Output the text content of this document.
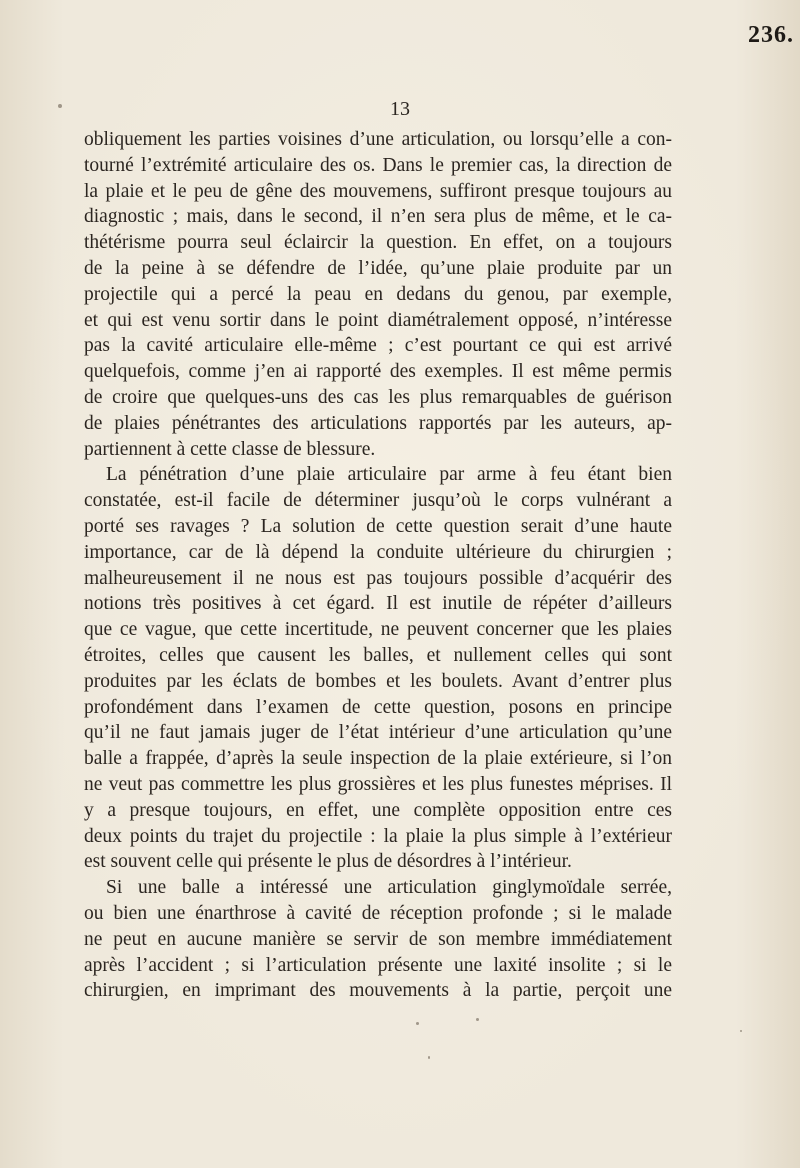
236.
13
obliquement les parties voisines d’une articulation, ou lorsqu’elle a con-
tourné l’extrémité articulaire des os. Dans le premier cas, la direction de
la plaie et le peu de gêne des mouvemens, suffiront presque toujours au
diagnostic ; mais, dans le second, il n’en sera plus de même, et le ca-
thétérisme pourra seul éclaircir la question. En effet, on a toujours
de la peine à se défendre de l’idée, qu’une plaie produite par un
projectile qui a percé la peau en dedans du genou, par exemple,
et qui est venu sortir dans le point diamétralement opposé, n’intéresse
pas la cavité articulaire elle-même ; c’est pourtant ce qui est arrivé
quelquefois, comme j’en ai rapporté des exemples. Il est même permis
de croire que quelques-uns des cas les plus remarquables de guérison
de plaies pénétrantes des articulations rapportés par les auteurs, ap-
partiennent à cette classe de blessure.
La pénétration d’une plaie articulaire par arme à feu étant bien
constatée, est-il facile de déterminer jusqu’où le corps vulnérant a
porté ses ravages ? La solution de cette question serait d’une haute
importance, car de là dépend la conduite ultérieure du chirurgien ;
malheureusement il ne nous est pas toujours possible d’acquérir des
notions très positives à cet égard. Il est inutile de répéter d’ailleurs
que ce vague, que cette incertitude, ne peuvent concerner que les plaies
étroites, celles que causent les balles, et nullement celles qui sont
produites par les éclats de bombes et les boulets. Avant d’entrer plus
profondément dans l’examen de cette question, posons en principe
qu’il ne faut jamais juger de l’état intérieur d’une articulation qu’une
balle a frappée, d’après la seule inspection de la plaie extérieure, si l’on
ne veut pas commettre les plus grossières et les plus funestes méprises. Il
y a presque toujours, en effet, une complète opposition entre ces
deux points du trajet du projectile : la plaie la plus simple à l’extérieur
est souvent celle qui présente le plus de désordres à l’intérieur.
Si une balle a intéressé une articulation ginglymoïdale serrée,
ou bien une énarthrose à cavité de réception profonde ; si le malade
ne peut en aucune manière se servir de son membre immédiatement
après l’accident ; si l’articulation présente une laxité insolite ; si le
chirurgien, en imprimant des mouvements à la partie, perçoit une
